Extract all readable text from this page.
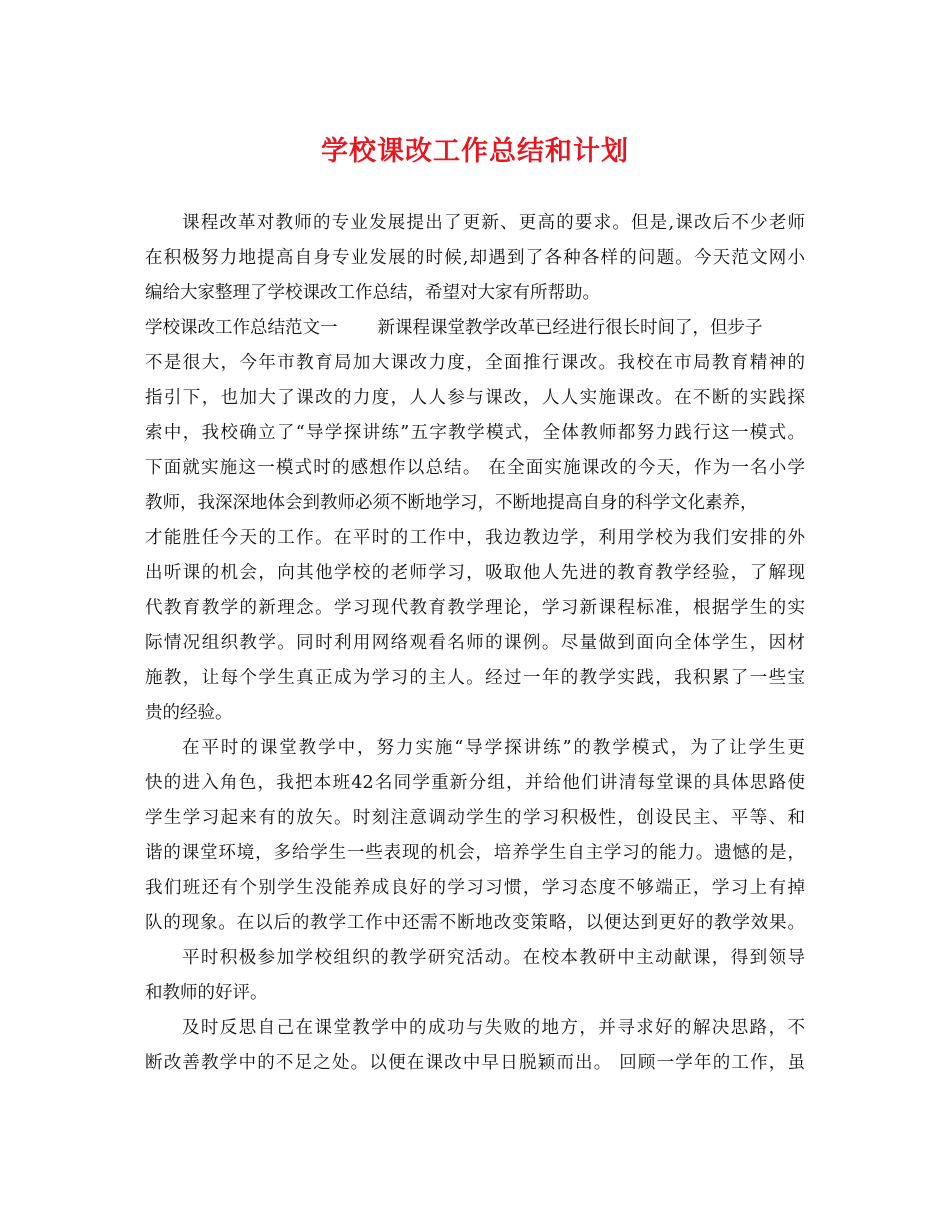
学校课改工作总结和计划
课程改革对教师的专业发展提出了更新、更高的要求。但是,课改后不少老师
在积极努力地提高自身专业发展的时候,却遇到了各种各样的问题。今天范文网小
编给大家整理了学校课改工作总结，希望对大家有所帮助。
学校课改工作总结范文一 新课程课堂教学改革已经进行很长时间了，但步子
不是很大，今年市教育局加大课改力度，全面推行课改。我校在市局教育精神的
指引下，也加大了课改的力度，人人参与课改，人人实施课改。在不断的实践探
索中，我校确立了“导学探讲练”五字教学模式，全体教师都努力践行这一模式。
下面就实施这一模式时的感想作以总结。 在全面实施课改的今天，作为一名小学
教师，我深深地体会到教师必须不断地学习，不断地提高自身的科学文化素养，
才能胜任今天的工作。在平时的工作中，我边教边学，利用学校为我们安排的外
出听课的机会，向其他学校的老师学习，吸取他人先进的教育教学经验，了解现
代教育教学的新理念。学习现代教育教学理论，学习新课程标准，根据学生的实
际情况组织教学。同时利用网络观看名师的课例。尽量做到面向全体学生，因材
施教，让每个学生真正成为学习的主人。经过一年的教学实践，我积累了一些宝
贵的经验。
在平时的课堂教学中，努力实施“导学探讲练”的教学模式，为了让学生更
快的进入角色，我把本班42名同学重新分组，并给他们讲清每堂课的具体思路使
学生学习起来有的放矢。时刻注意调动学生的学习积极性，创设民主、平等、和
谐的课堂环境，多给学生一些表现的机会，培养学生自主学习的能力。遗憾的是，
我们班还有个别学生没能养成良好的学习习惯，学习态度不够端正，学习上有掉
队的现象。在以后的教学工作中还需不断地改变策略，以便达到更好的教学效果。
平时积极参加学校组织的教学研究活动。在校本教研中主动献课，得到领导
和教师的好评。
及时反思自己在课堂教学中的成功与失败的地方，并寻求好的解决思路，不
断改善教学中的不足之处。以便在课改中早日脱颖而出。 回顾一学年的工作，虽
